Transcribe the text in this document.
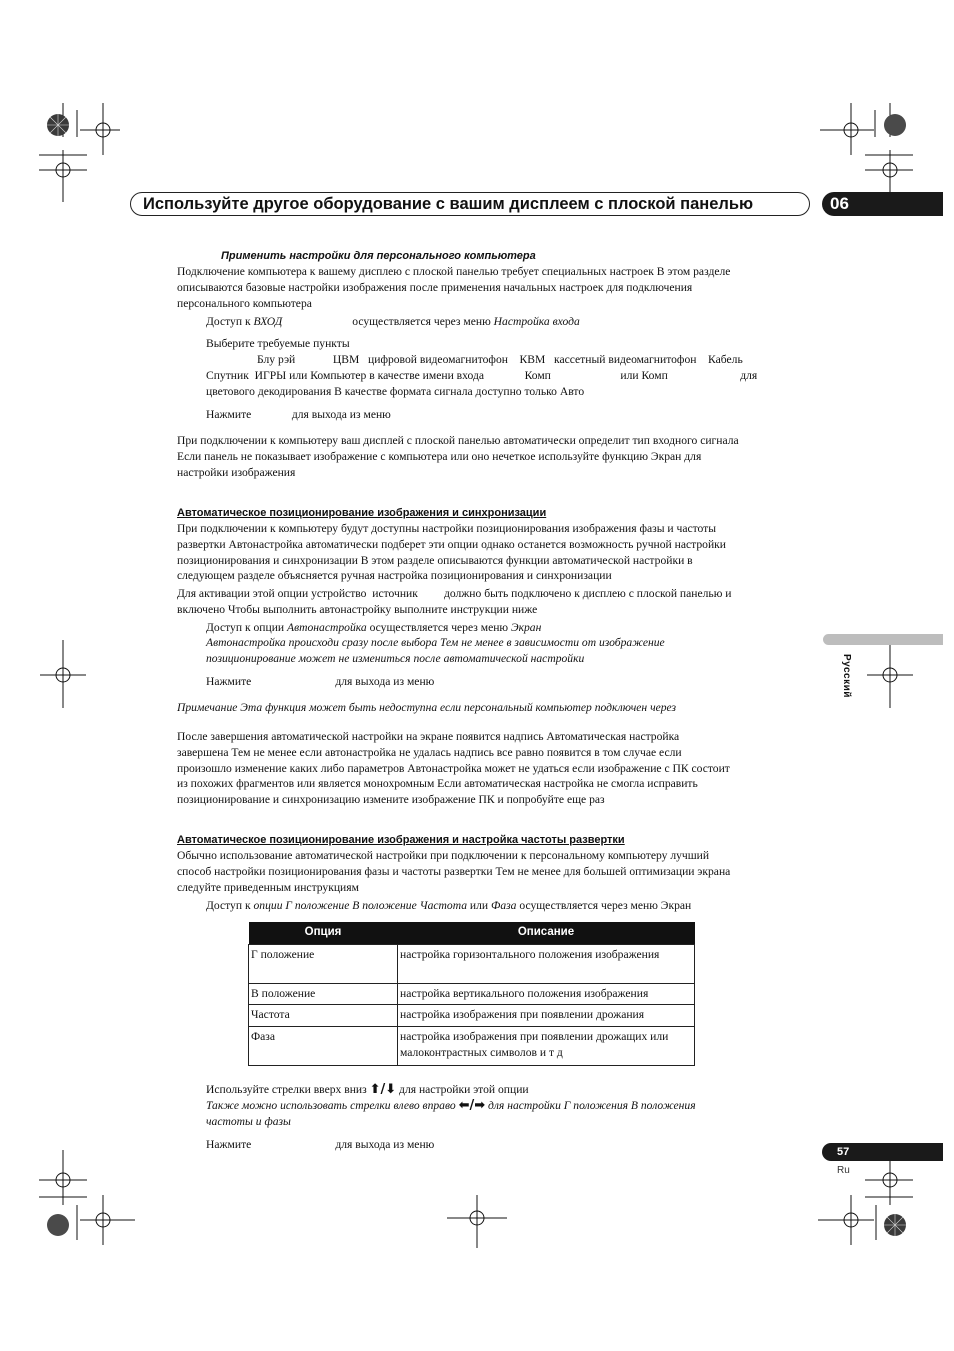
Используйте другое оборудование с вашим дисплеем с плоской панелью	06
Русский
Применить настройки для персонального компьютера
Подключение компьютера к вашему дисплею с плоской панелью требует специальных настроек В этом разделе
описываются базовые настройки изображения после применения начальных настроек для подключения
персонального компьютера
Доступ к ВХОД	осуществляется через меню Настройка входа
Выберите требуемые пункты
Блу рэй             ЦВМ   цифровой видеомагнитофон    КВМ   кассетный видеомагнитофон    Кабель
Спутник  ИГРЫ или Компьютер в качестве имени входа              Комп                        или Комп                         для
цветового декодирования В качестве формата сигнала доступно только Авто
Нажмите              для выхода из меню
При подключении к компьютеру ваш дисплей с плоской панелью автоматически определит тип входного сигнала
Если панель не показывает изображение с компьютера или оно нечеткое используйте функцию Экран для
настройки изображения
Автоматическое позиционирование изображения и синхронизации
При подключении к компьютеру будут доступны настройки позиционирования изображения фазы и частоты
развертки Автонастройка автоматически подберет эти опции однако останется возможность ручной настройки
позиционирования и синхронизации В этом разделе описываются функции автоматической настройки в
следующем разделе объясняется ручная настройка позиционирования и синхронизации
Для активации этой опции устройство  источник         должно быть подключено к дисплею с плоской панелью и
включено Чтобы выполнить автонастройку выполните инструкции ниже
Доступ к опции Автонастройка осуществляется через меню Экран
Автонастройка происходи сразу после выбора Тем не менее в зависимости от изображение
позиционирование может не измениться после автоматической настройки
Нажмите                             для выхода из меню
Примечание Эта функция может быть недоступна если персональный компьютер подключен через
После завершения автоматической настройки на экране появится надпись Автоматическая настройка
завершена Тем не менее если автонастройка не удалась надпись все равно появится в том случае если
произошло изменение каких либо параметров Автонастройка может не удаться если изображение с ПК состоит
из похожих фрагментов или является монохромным Если автоматическая настройка не смогла исправить
позиционирование и синхронизацию измените изображение ПК и попробуйте еще раз
Автоматическое позиционирование изображения и настройка частоты развертки
Обычно использование автоматической настройки при подключении к персональному компьютеру лучший
способ настройки позиционирования фазы и частоты развертки Тем не менее для большей оптимизации экрана
следуйте приведенным инструкциям
Доступ к опции Г положение В положение Частота или Фаза осуществляется через меню Экран
Опция	Описание
Г положение	настройка горизонтального положения изображения
В положение	настройка вертикального положения изображения
Частота	настройка изображения при появлении дрожания
Фаза	настройка изображения при появлении дрожащих или малоконтрастных символов и т д
Используйте стрелки вверх вниз ⬆/⬇ для настройки этой опции
Также можно использовать стрелки влево вправо ⬅/➡ для настройки Г положения В положения
частоты и фазы
Нажмите                             для выхода из меню
57
Ru
